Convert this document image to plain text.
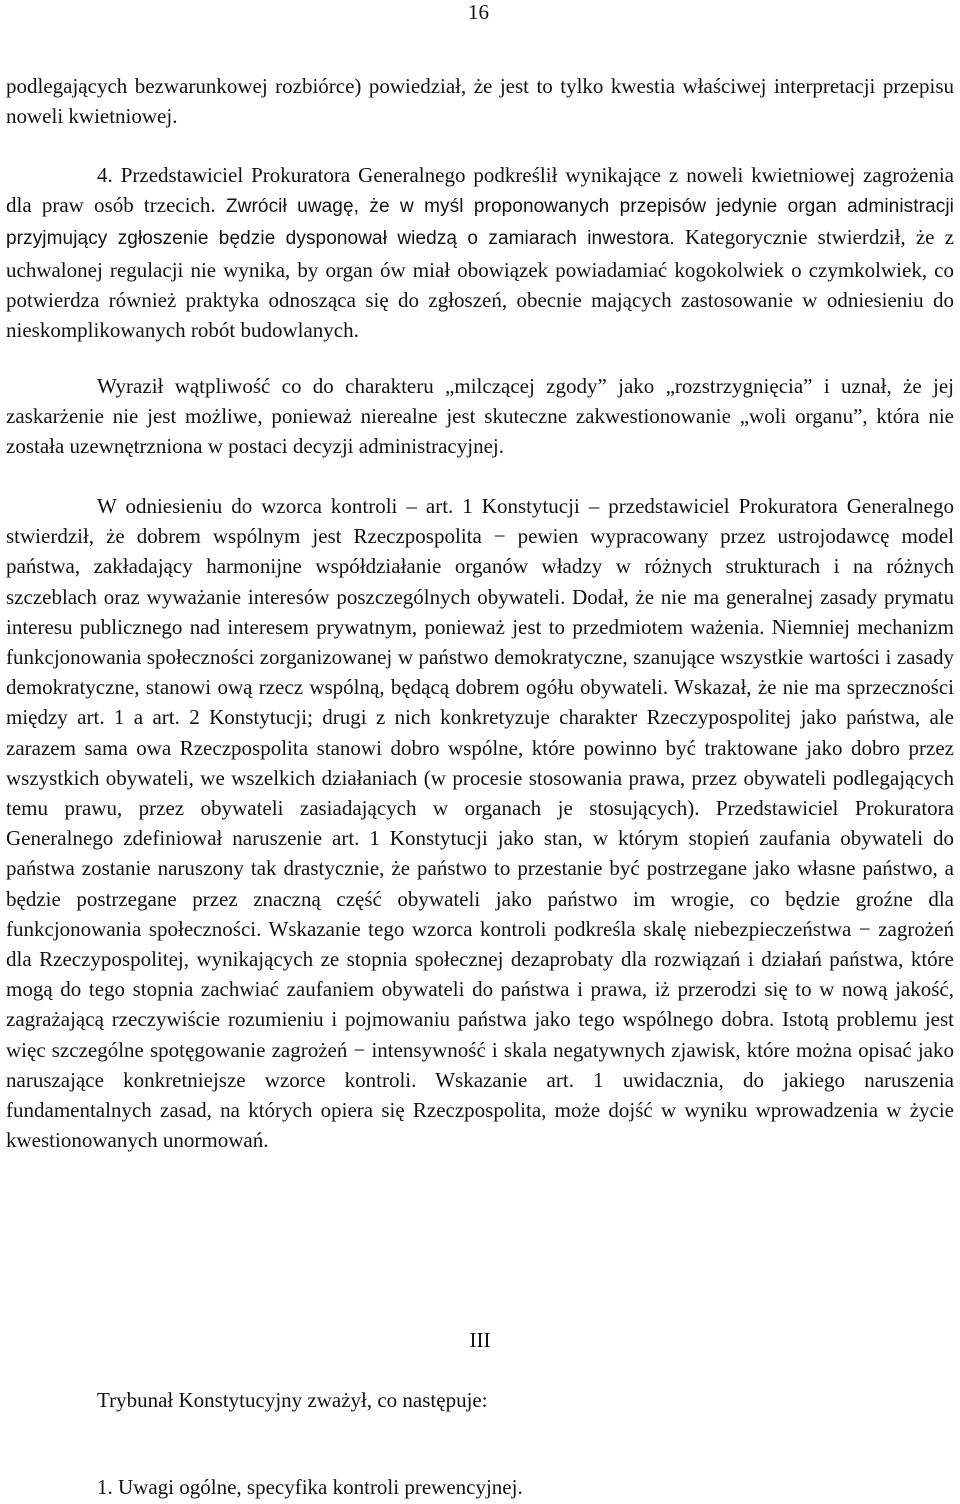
16

podlegających bezwarunkowej rozbiórce) powiedział, że jest to tylko kwestia właściwej interpretacji przepisu noweli kwietniowej.

4. Przedstawiciel Prokuratora Generalnego podkreślił wynikające z noweli kwietniowej zagrożenia dla praw osób trzecich. Zwrócił uwagę, że w myśl proponowanych przepisów jedynie organ administracji przyjmujący zgłoszenie będzie dysponował wiedzą o zamiarach inwestora. Kategorycznie stwierdził, że z uchwalonej regulacji nie wynika, by organ ów miał obowiązek powiadamiać kogokolwiek o czymkolwiek, co potwierdza również praktyka odnosząca się do zgłoszeń, obecnie mających zastosowanie w odniesieniu do nieskomplikowanych robót budowlanych.

Wyraził wątpliwość co do charakteru „milczącej zgody” jako „rozstrzygnięcia” i uznał, że jej zaskarżenie nie jest możliwe, ponieważ nierealne jest skuteczne zakwestionowanie „woli organu”, która nie została uzewnętrzniona w postaci decyzji administracyjnej.

W odniesieniu do wzorca kontroli – art. 1 Konstytucji – przedstawiciel Prokuratora Generalnego stwierdził, że dobrem wspólnym jest Rzeczpospolita − pewien wypracowany przez ustrojodawcę model państwa, zakładający harmonijne współdziałanie organów władzy w różnych strukturach i na różnych szczeblach oraz wyważanie interesów poszczególnych obywateli. Dodał, że nie ma generalnej zasady prymatu interesu publicznego nad interesem prywatnym, ponieważ jest to przedmiotem ważenia. Niemniej mechanizm funkcjonowania społeczności zorganizowanej w państwo demokratyczne, szanujące wszystkie wartości i zasady demokratyczne, stanowi ową rzecz wspólną, będącą dobrem ogółu obywateli. Wskazał, że nie ma sprzeczności między art. 1 a art. 2 Konstytucji; drugi z nich konkretyzuje charakter Rzeczypospolitej jako państwa, ale zarazem sama owa Rzeczpospolita stanowi dobro wspólne, które powinno być traktowane jako dobro przez wszystkich obywateli, we wszelkich działaniach (w procesie stosowania prawa, przez obywateli podlegających temu prawu, przez obywateli zasiadających w organach je stosujących). Przedstawiciel Prokuratora Generalnego zdefiniował naruszenie art. 1 Konstytucji jako stan, w którym stopień zaufania obywateli do państwa zostanie naruszony tak drastycznie, że państwo to przestanie być postrzegane jako własne państwo, a będzie postrzegane przez znaczną część obywateli jako państwo im wrogie, co będzie groźne dla funkcjonowania społeczności. Wskazanie tego wzorca kontroli podkreśla skalę niebezpieczeństwa − zagrożeń dla Rzeczypospolitej, wynikających ze stopnia społecznej dezaprobaty dla rozwiązań i działań państwa, które mogą do tego stopnia zachwiać zaufaniem obywateli do państwa i prawa, iż przerodzi się to w nową jakość, zagrażającą rzeczywiście rozumieniu i pojmowaniu państwa jako tego wspólnego dobra. Istotą problemu jest więc szczególne spotęgowanie zagrożeń − intensywność i skala negatywnych zjawisk, które można opisać jako naruszające konkretniejsze wzorce kontroli. Wskazanie art. 1 uwidacznia, do jakiego naruszenia fundamentalnych zasad, na których opiera się Rzeczpospolita, może dojść w wyniku wprowadzenia w życie kwestionowanych unormowań.

III
Trybunał Konstytucyjny zważył, co następuje:
1. Uwagi ogólne, specyfika kontroli prewencyjnej.
